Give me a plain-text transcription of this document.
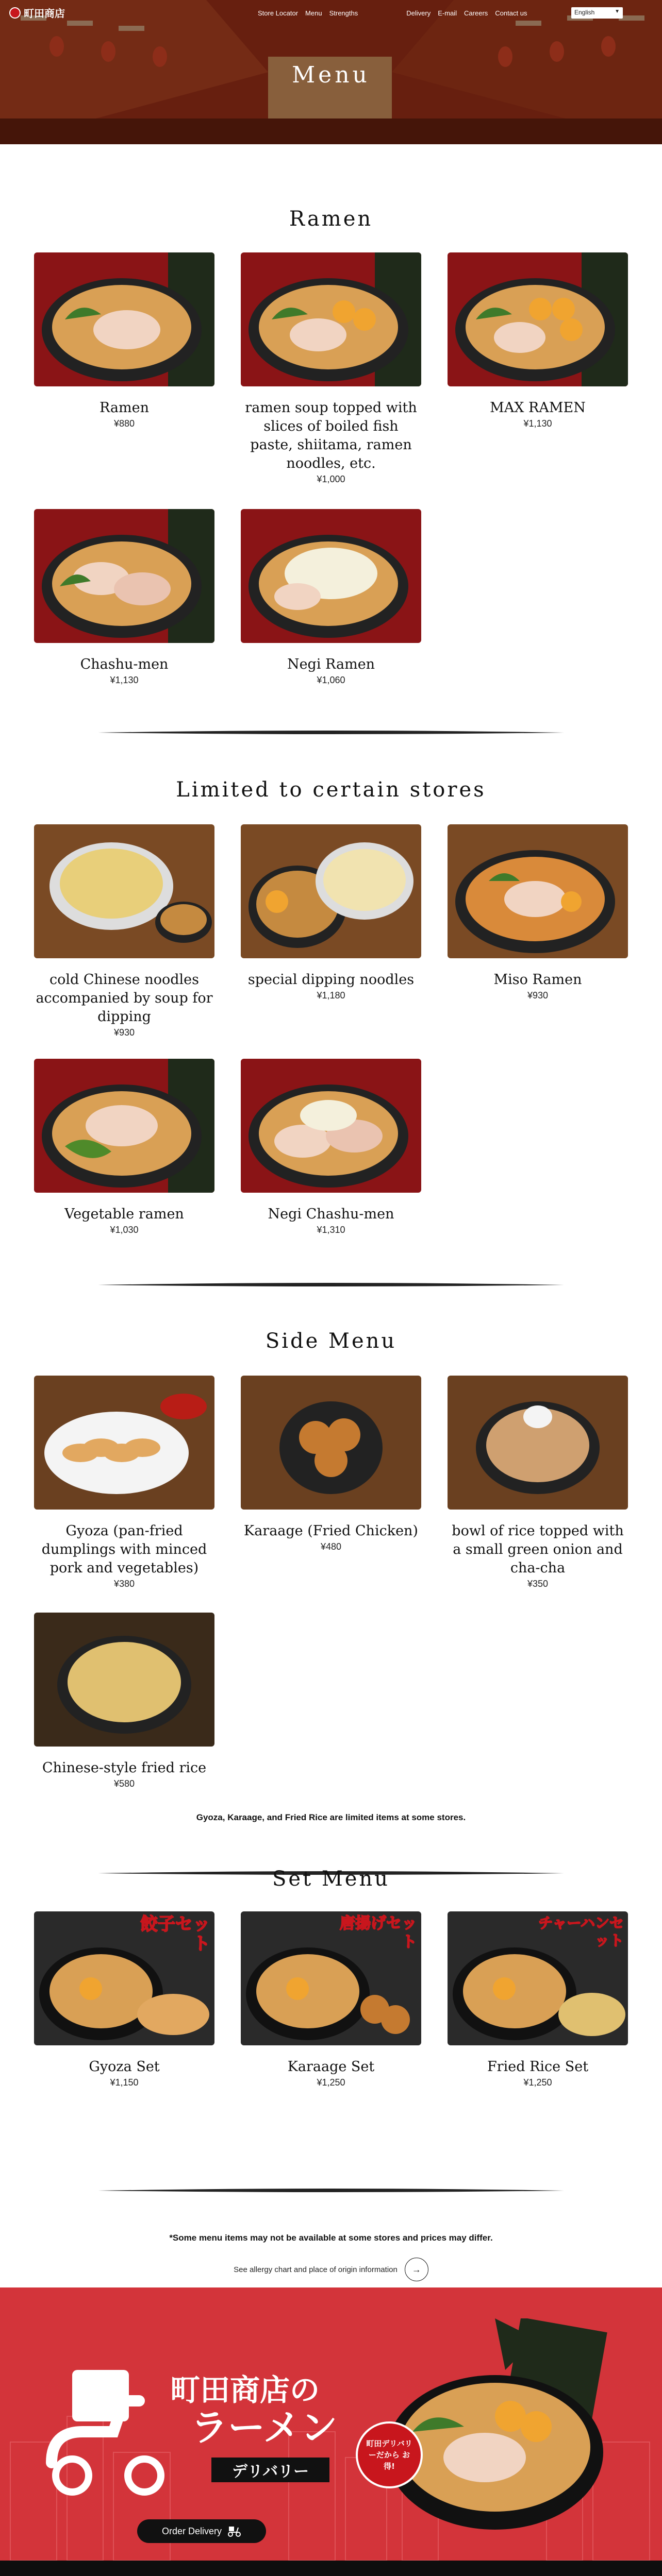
町田商店	Store Locator Menu Strengths	Delivery E-mail Careers Contact us	English	▼
Menu
Ramen
Ramen
¥880
ramen soup topped with slices of boiled fish paste, shiitama, ramen noodles, etc.
¥1,000
MAX RAMEN
¥1,130
Chashu-men
¥1,130
Negi Ramen
¥1,060
Limited to certain stores
cold Chinese noodles accompanied by soup for dipping
¥930
special dipping noodles
¥1,180
Miso Ramen
¥930
Vegetable ramen
¥1,030
Negi Chashu-men
¥1,310
Side Menu
Gyoza (pan-fried dumplings with minced pork and vegetables)
¥380
Karaage (Fried Chicken)
¥480
bowl of rice topped with a small green onion and cha-cha
¥350
Chinese-style fried rice
¥580
Gyoza, Karaage, and Fried Rice are limited items at some stores.
Set Menu
餃子セット
Gyoza Set
¥1,150
唐揚げセット
Karaage Set
¥1,250
チャーハンセット
Fried Rice Set
¥1,250
*Some menu items may not be available at some stores and prices may differ.
See allergy chart and place of origin information	→
町田商店の
ラーメン
デリバリー
町田デリバリーだから お得!
Order Delivery
